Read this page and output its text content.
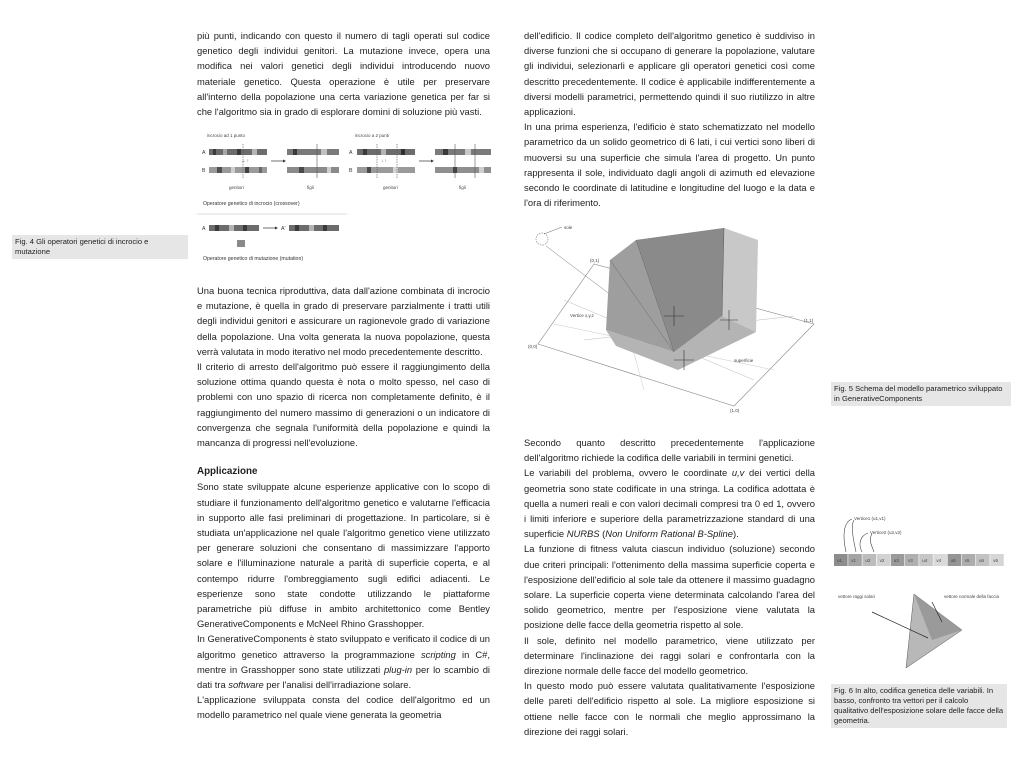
più punti, indicando con questo il numero di tagli operati sul codice genetico degli individui genitori. La mutazione invece, opera una modifica nei valori genetici degli individui introducendo nuovo materiale genetico. Questa operazione è utile per preservare all'interno della popolazione una certa variazione genetica per far si che l'algoritmo sia in grado di esplorare domini di soluzione più vasti.

incrocio ad 1 punto	incrocio a 2 punti
A
B
A
B
→ ↑
genitori	figli
↓ ↑
genitori	figli
Operatore genetico di incrocio (crossover)
A	A'
Operatore genetico di mutazione (mutation)
Fig. 4 Gli operatori genetici di incrocio e mutazione

Una buona tecnica riproduttiva, data dall'azione combinata di incrocio e mutazione, è quella in grado di preservare parzialmente i tratti utili degli individui genitori e assicurare un ragionevole grado di variazione della popolazione. Una volta generata la nuova popolazione, questa verrà valutata in modo iterativo nel modo precedentemente descritto.

Il criterio di arresto dell'algoritmo può essere il raggiungimento della soluzione ottima quando questa è nota o molto spesso, nel caso di problemi con uno spazio di ricerca non completamente definito, è il raggiungimento del numero massimo di generazioni o un indicatore di convergenza che segnala l'uniformità della popolazione e quindi la mancanza di progressi nell'evoluzione.

Applicazione

Sono state sviluppate alcune esperienze applicative con lo scopo di studiare il funzionamento dell'algoritmo genetico e valutarne l'efficacia in supporto alle fasi preliminari di progettazione. In particolare, si è studiata un'applicazione nel quale l'algoritmo genetico viene utilizzato per generare soluzioni che consentano di massimizzare l'apporto solare e l'illuminazione naturale a parità di superficie coperta, e al contempo ridurre l'ombreggiamento sugli edifici adiacenti. Le esperienze sono state condotte utilizzando le piattaforme parametriche più diffuse in ambito architettonico come Bentley GenerativeComponents e McNeel Rhino Grasshopper.

In GenerativeComponents è stato sviluppato e verificato il codice di un algoritmo genetico attraverso la programmazione scripting in C#, mentre in Grasshopper sono state utilizzati plug-in per lo scambio di dati tra software per l'analisi dell'irradiazione solare.

L'applicazione sviluppata consta del codice dell'algoritmo ed un modello parametrico nel quale viene generata la geometria

dell'edificio. Il codice completo dell'algoritmo genetico è suddiviso in diverse funzioni che si occupano di generare la popolazione, valutare gli individui, selezionarli e applicare gli operatori genetici così come descritto precedentemente. Il codice è applicabile indifferentemente a diversi modelli parametrici, permettendo quindi il suo riutilizzo in altre applicazioni.

In una prima esperienza, l'edificio è stato schematizzato nel modello parametrico da un solido geometrico di 6 lati, i cui vertici sono liberi di muoversi su una superficie che simula l'area di progetto. Un punto rappresenta il sole, individuato dagli angoli di azimuth ed elevazione secondo le coordinate di latitudine e longitudine del luogo e la data e l'ora di riferimento.

sole
Vertice x,y,z
(0,1)
(0,0)
(1,1)
(1,0)
superficie
Fig. 5 Schema del modello parametrico sviluppato in GenerativeComponents

Secondo quanto descritto precedentemente l'applicazione dell'algoritmo richiede la codifica delle variabili in termini genetici.

Le variabili del problema, ovvero le coordinate u,v dei vertici della geometria sono state codificate in una stringa. La codifica adottata è quella a numeri reali e con valori decimali compresi tra 0 ed 1, ovvero i limiti inferiore e superiore della parametrizzazione standard di una superficie NURBS (Non Uniform Rational B-Spline).

La funzione di fitness valuta ciascun individuo (soluzione) secondo due criteri principali: l'ottenimento della massima superficie coperta e l'esposizione dell'edificio al sole tale da ottenere il massimo guadagno solare. La superficie coperta viene determinata calcolando l'area del solido geometrico, mentre per l'esposizione viene valutata la posizione delle facce della geometria rispetto al sole.

Il sole, definito nel modello parametrico, viene utilizzato per determinare l'inclinazione dei raggi solari e confrontarla con la direzione normale delle facce del modello geometrico.

In questo modo può essere valutata qualitativamente l'esposizione delle pareti dell'edificio rispetto al sole. La migliore esposizione si ottiene nelle facce con le normali che meglio approssimano la direzione dei raggi solari.

Vertice1 (u1,v1)
Vertice2 (u2,v2)
u1 v1 u2 v2 u3 v3 u4 v4 u5 v5 u6 v6
vettore raggi solari	vettore normale della faccia
Fig. 6 In alto, codifica genetica delle variabili. In basso, confronto tra vettori per il calcolo qualitativo dell'esposizione solare delle facce della geometria.
